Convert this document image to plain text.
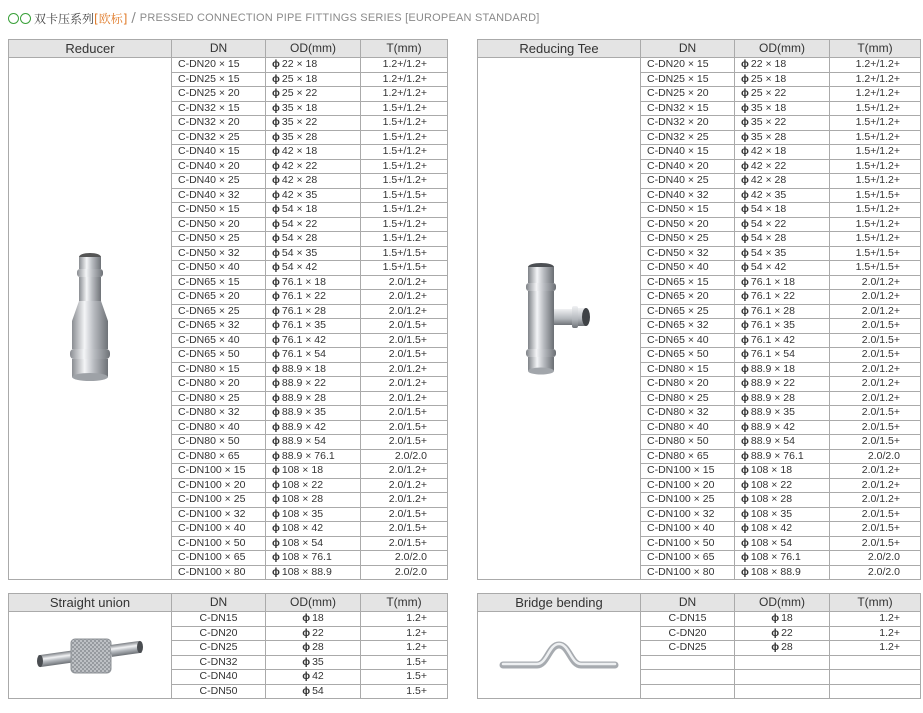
双卡压系列[欧标] / PRESSED CONNECTION PIPE FITTINGS SERIES [EUROPEAN STANDARD]
Reducer	DN	OD(mm)	T(mm)

	C-DN20 × 15	ϕ 22 × 18	1.2+/1.2+
	C-DN25 × 15	ϕ 25 × 18	1.2+/1.2+
	C-DN25 × 20	ϕ 25 × 22	1.2+/1.2+
	C-DN32 × 15	ϕ 35 × 18	1.5+/1.2+
	C-DN32 × 20	ϕ 35 × 22	1.5+/1.2+
	C-DN32 × 25	ϕ 35 × 28	1.5+/1.2+
	C-DN40 × 15	ϕ 42 × 18	1.5+/1.2+
	C-DN40 × 20	ϕ 42 × 22	1.5+/1.2+
	C-DN40 × 25	ϕ 42 × 28	1.5+/1.2+
	C-DN40 × 32	ϕ 42 × 35	1.5+/1.5+
	C-DN50 × 15	ϕ 54 × 18	1.5+/1.2+
	C-DN50 × 20	ϕ 54 × 22	1.5+/1.2+
	C-DN50 × 25	ϕ 54 × 28	1.5+/1.2+
	C-DN50 × 32	ϕ 54 × 35	1.5+/1.5+
	C-DN50 × 40	ϕ 54 × 42	1.5+/1.5+
	C-DN65 × 15	ϕ 76.1 × 18	2.0/1.2+
	C-DN65 × 20	ϕ 76.1 × 22	2.0/1.2+
	C-DN65 × 25	ϕ 76.1 × 28	2.0/1.2+
	C-DN65 × 32	ϕ 76.1 × 35	2.0/1.5+
	C-DN65 × 40	ϕ 76.1 × 42	2.0/1.5+
	C-DN65 × 50	ϕ 76.1 × 54	2.0/1.5+
	C-DN80 × 15	ϕ 88.9 × 18	2.0/1.2+
	C-DN80 × 20	ϕ 88.9 × 22	2.0/1.2+
	C-DN80 × 25	ϕ 88.9 × 28	2.0/1.2+
	C-DN80 × 32	ϕ 88.9 × 35	2.0/1.5+
	C-DN80 × 40	ϕ 88.9 × 42	2.0/1.5+
	C-DN80 × 50	ϕ 88.9 × 54	2.0/1.5+
	C-DN80 × 65	ϕ 88.9 × 76.1	2.0/2.0
	C-DN100 × 15	ϕ 108 × 18	2.0/1.2+
	C-DN100 × 20	ϕ 108 × 22	2.0/1.2+
	C-DN100 × 25	ϕ 108 × 28	2.0/1.2+
	C-DN100 × 32	ϕ 108 × 35	2.0/1.5+
	C-DN100 × 40	ϕ 108 × 42	2.0/1.5+
	C-DN100 × 50	ϕ 108 × 54	2.0/1.5+
	C-DN100 × 65	ϕ 108 × 76.1	2.0/2.0
	C-DN100 × 80	ϕ 108 × 88.9	2.0/2.0
Reducing Tee	DN	OD(mm)	T(mm)

	C-DN20 × 15	ϕ 22 × 18	1.2+/1.2+
	C-DN25 × 15	ϕ 25 × 18	1.2+/1.2+
	C-DN25 × 20	ϕ 25 × 22	1.2+/1.2+
	C-DN32 × 15	ϕ 35 × 18	1.5+/1.2+
	C-DN32 × 20	ϕ 35 × 22	1.5+/1.2+
	C-DN32 × 25	ϕ 35 × 28	1.5+/1.2+
	C-DN40 × 15	ϕ 42 × 18	1.5+/1.2+
	C-DN40 × 20	ϕ 42 × 22	1.5+/1.2+
	C-DN40 × 25	ϕ 42 × 28	1.5+/1.2+
	C-DN40 × 32	ϕ 42 × 35	1.5+/1.5+
	C-DN50 × 15	ϕ 54 × 18	1.5+/1.2+
	C-DN50 × 20	ϕ 54 × 22	1.5+/1.2+
	C-DN50 × 25	ϕ 54 × 28	1.5+/1.2+
	C-DN50 × 32	ϕ 54 × 35	1.5+/1.5+
	C-DN50 × 40	ϕ 54 × 42	1.5+/1.5+
	C-DN65 × 15	ϕ 76.1 × 18	2.0/1.2+
	C-DN65 × 20	ϕ 76.1 × 22	2.0/1.2+
	C-DN65 × 25	ϕ 76.1 × 28	2.0/1.2+
	C-DN65 × 32	ϕ 76.1 × 35	2.0/1.5+
	C-DN65 × 40	ϕ 76.1 × 42	2.0/1.5+
	C-DN65 × 50	ϕ 76.1 × 54	2.0/1.5+
	C-DN80 × 15	ϕ 88.9 × 18	2.0/1.2+
	C-DN80 × 20	ϕ 88.9 × 22	2.0/1.2+
	C-DN80 × 25	ϕ 88.9 × 28	2.0/1.2+
	C-DN80 × 32	ϕ 88.9 × 35	2.0/1.5+
	C-DN80 × 40	ϕ 88.9 × 42	2.0/1.5+
	C-DN80 × 50	ϕ 88.9 × 54	2.0/1.5+
	C-DN80 × 65	ϕ 88.9 × 76.1	2.0/2.0
	C-DN100 × 15	ϕ 108 × 18	2.0/1.2+
	C-DN100 × 20	ϕ 108 × 22	2.0/1.2+
	C-DN100 × 25	ϕ 108 × 28	2.0/1.2+
	C-DN100 × 32	ϕ 108 × 35	2.0/1.5+
	C-DN100 × 40	ϕ 108 × 42	2.0/1.5+
	C-DN100 × 50	ϕ 108 × 54	2.0/1.5+
	C-DN100 × 65	ϕ 108 × 76.1	2.0/2.0
	C-DN100 × 80	ϕ 108 × 88.9	2.0/2.0
Straight union	DN	OD(mm)	T(mm)

	C-DN15	ϕ 18	1.2+
	C-DN20	ϕ 22	1.2+
	C-DN25	ϕ 28	1.2+
	C-DN32	ϕ 35	1.5+
	C-DN40	ϕ 42	1.5+
	C-DN50	ϕ 54	1.5+
Bridge bending	DN	OD(mm)	T(mm)

	C-DN15	ϕ 18	1.2+
	C-DN20	ϕ 22	1.2+
	C-DN25	ϕ 28	1.2+
